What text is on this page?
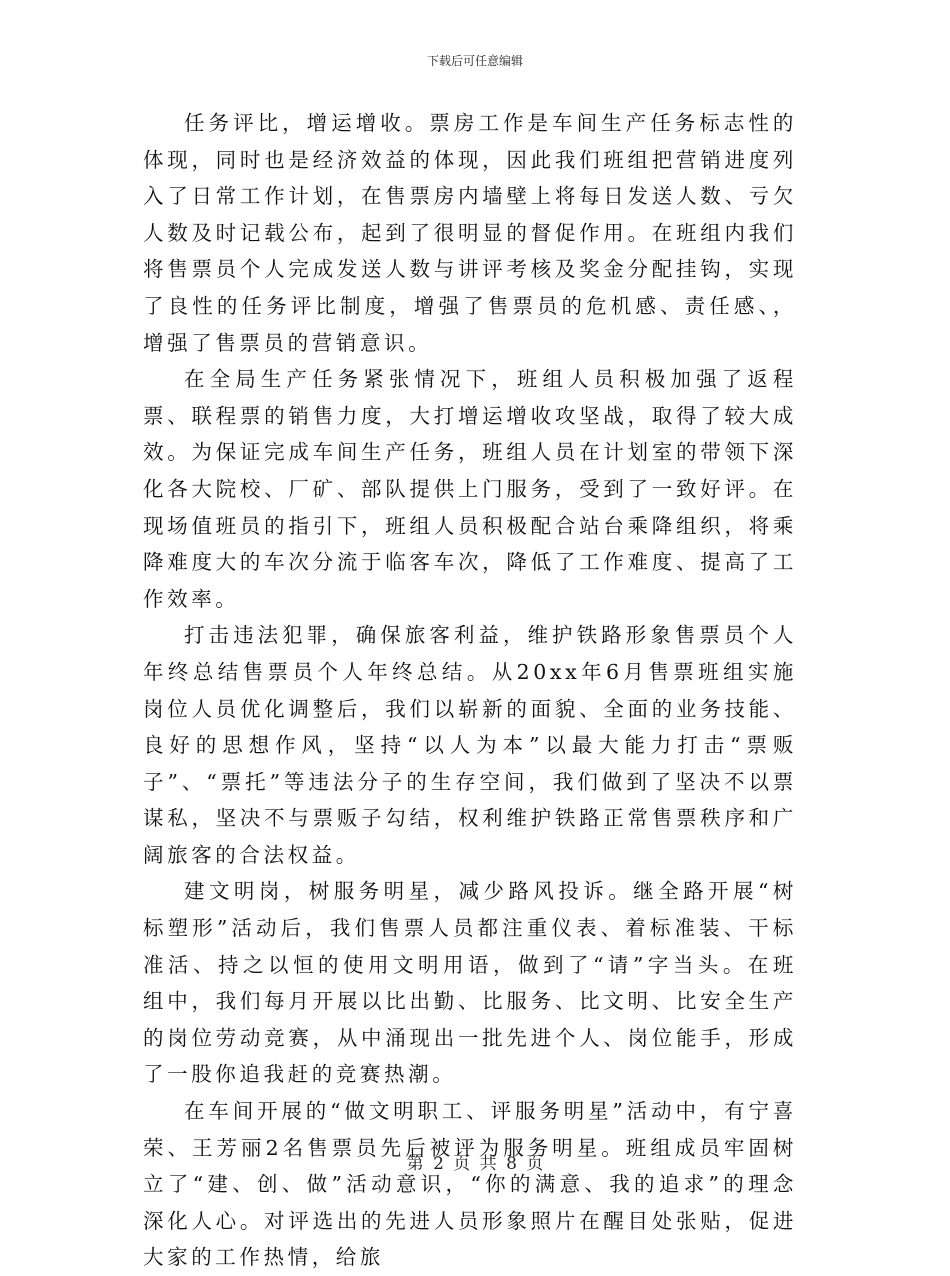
下载后可任意编辑

任务评比，增运增收。票房工作是车间生产任务标志性的体现，同时也是经济效益的体现，因此我们班组把营销进度列入了日常工作计划，在售票房内墙壁上将每日发送人数、亏欠人数及时记载公布，起到了很明显的督促作用。在班组内我们将售票员个人完成发送人数与讲评考核及奖金分配挂钩，实现了良性的任务评比制度，增强了售票员的危机感、责任感、，增强了售票员的营销意识。

在全局生产任务紧张情况下，班组人员积极加强了返程票、联程票的销售力度，大打增运增收攻坚战，取得了较大成效。为保证完成车间生产任务，班组人员在计划室的带领下深化各大院校、厂矿、部队提供上门服务，受到了一致好评。在现场值班员的指引下，班组人员积极配合站台乘降组织，将乘降难度大的车次分流于临客车次，降低了工作难度、提高了工作效率。

打击违法犯罪，确保旅客利益，维护铁路形象售票员个人年终总结售票员个人年终总结。从20xx年6月售票班组实施岗位人员优化调整后，我们以崭新的面貌、全面的业务技能、良好的思想作风，坚持“以人为本”以最大能力打击“票贩子”、“票托”等违法分子的生存空间，我们做到了坚决不以票谋私，坚决不与票贩子勾结，权利维护铁路正常售票秩序和广阔旅客的合法权益。

建文明岗，树服务明星，减少路风投诉。继全路开展“树标塑形”活动后，我们售票人员都注重仪表、着标准装、干标准活、持之以恒的使用文明用语，做到了“请”字当头。在班组中，我们每月开展以比出勤、比服务、比文明、比安全生产的岗位劳动竞赛，从中涌现出一批先进个人、岗位能手，形成了一股你追我赶的竞赛热潮。

在车间开展的“做文明职工、评服务明星”活动中，有宁喜荣、王芳丽2名售票员先后被评为服务明星。班组成员牢固树立了“建、创、做”活动意识，“你的满意、我的追求”的理念深化人心。对评选出的先进人员形象照片在醒目处张贴，促进大家的工作热情，给旅

第 2 页 共 8 页
